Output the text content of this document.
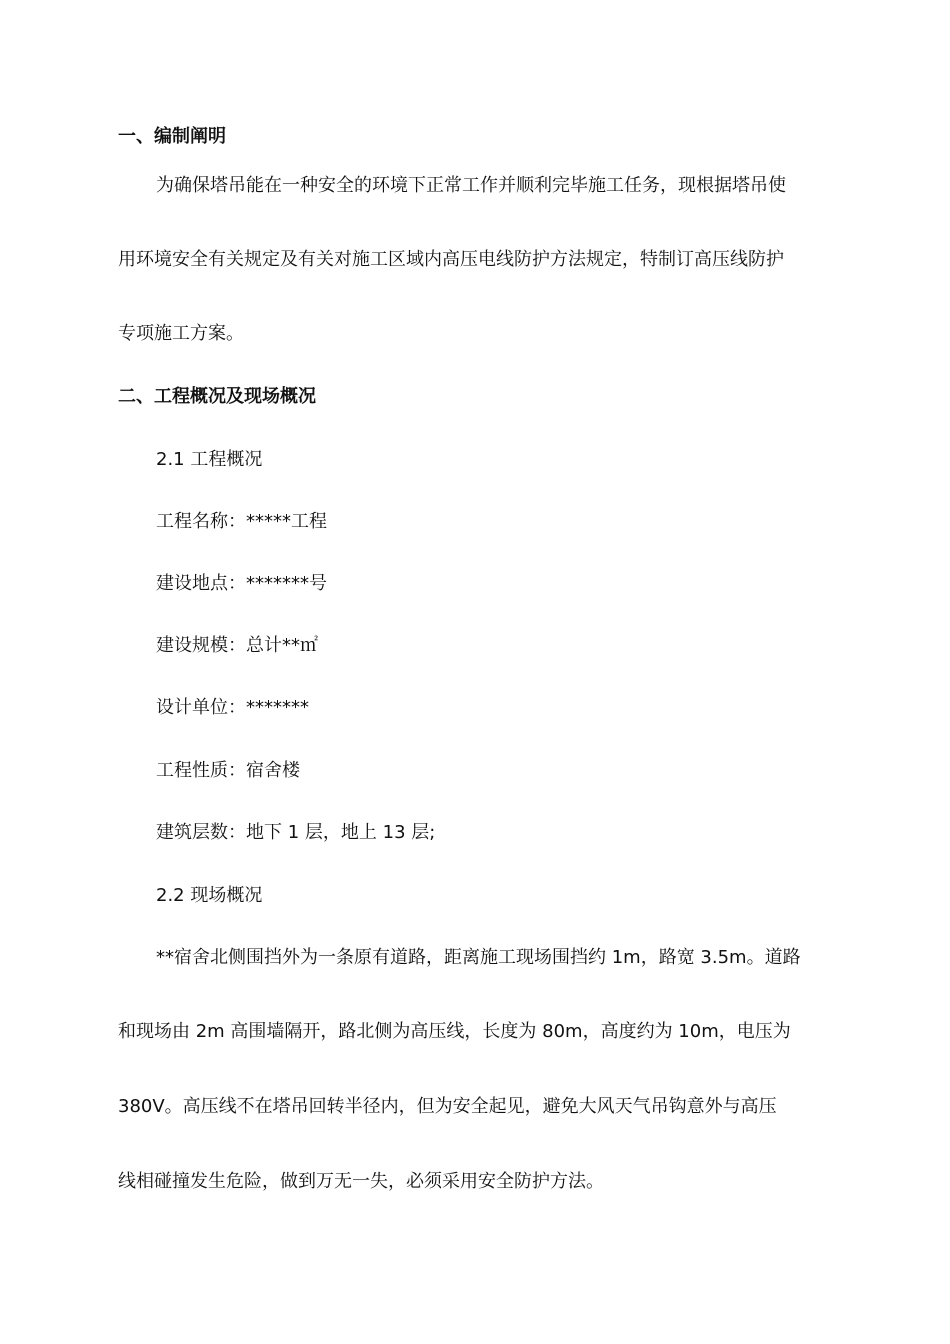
一、编制阐明
为确保塔吊能在一种安全的环境下正常工作并顺利完毕施工任务，现根据塔吊使
用环境安全有关规定及有关对施工区域内高压电线防护方法规定，特制订高压线防护
专项施工方案。
二、工程概况及现场概况
2.1 工程概况
工程名称：*****工程
建设地点：*******号
建设规模：总计**㎡
设计单位：*******
工程性质：宿舍楼
建筑层数：地下 1 层，地上 13 层;
2.2 现场概况
**宿舍北侧围挡外为一条原有道路，距离施工现场围挡约 1m，路宽 3.5m。道路
和现场由 2m 高围墙隔开，路北侧为高压线，长度为 80m，高度约为 10m，电压为
380V。高压线不在塔吊回转半径内，但为安全起见，避免大风天气吊钩意外与高压
线相碰撞发生危险，做到万无一失，必须采用安全防护方法。
